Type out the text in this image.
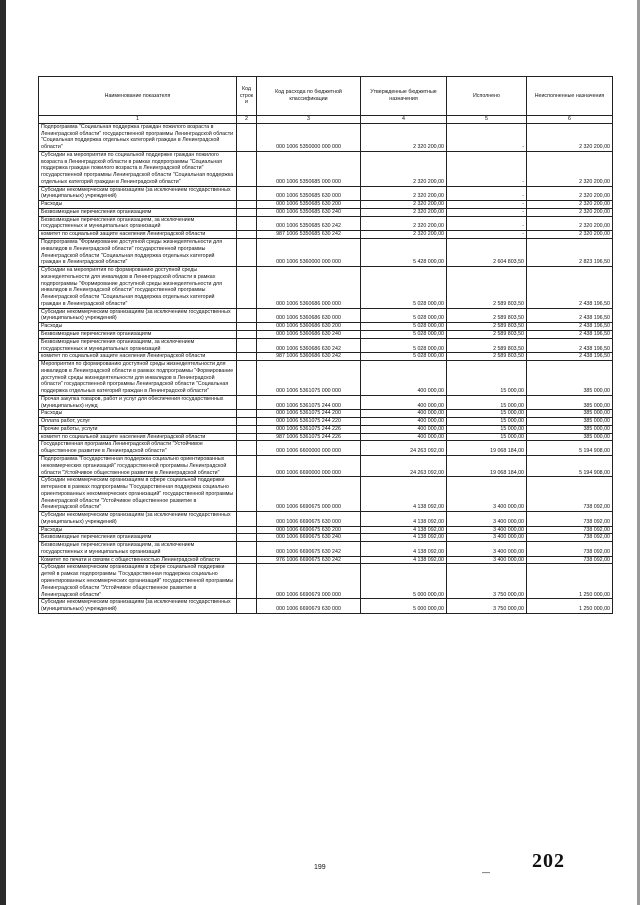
Наименование показателя	Код строк и	Код расхода по бюджетной классификации	Утвержденные бюджетные назначения	Исполнено	Неисполненные назначения
1	2	3	4	5	6
Подпрограмма "Социальная поддержка граждан пожилого возраста в Ленинградской области" государственной программы Ленинградской области "Социальная поддержка отдельных категорий граждан в Ленинградской области"		000 1006 5350000 000 000	2 320 200,00	-	2 320 200,00
Субсидии на мероприятия по социальной поддержке граждан пожилого возраста в Ленинградской области в рамках подпрограммы "Социальная поддержка граждан пожилого возраста в Ленинградской области" государственной программы Ленинградской области "Социальная поддержка отдельных категорий граждан в Ленинградской области"		000 1006 5350685 000 000	2 320 200,00	-	2 320 200,00
Субсидии некоммерческим организациям (за исключением государственных (муниципальных) учреждений)		000 1006 5350685 630 000	2 320 200,00	-	2 320 200,00
Расходы		000 1006 5350685 630 200	2 320 200,00	-	2 320 200,00
Безвозмездные перечисления организациям		000 1006 5350685 630 240	2 320 200,00	-	2 320 200,00
Безвозмездные перечисления организациям, за исключением государственных и муниципальных организаций		000 1006 5350685 630 242	2 320 200,00	-	2 320 200,00
комитет по социальной защите населения Ленинградской области		987 1006 5350685 630 242	2 320 200,00	-	2 320 200,00
Подпрограмма "Формирование доступной среды жизнедеятельности для инвалидов в Ленинградской области" государственной программы Ленинградской области "Социальная поддержка отдельных категорий граждан в Ленинградской области"		000 1006 5360000 000 000	5 428 000,00	2 604 803,50	2 823 196,50
Субсидии на мероприятия по формированию доступной среды жизнедеятельности для инвалидов в Ленинградской области в рамках подпрограммы "Формирование доступной среды жизнедеятельности для инвалидов в Ленинградской области" государственной программы Ленинградской области "Социальная поддержка отдельных категорий граждан в Ленинградской области"		000 1006 5360686 000 000	5 028 000,00	2 589 803,50	2 438 196,50
Субсидии некоммерческим организациям (за исключением государственных (муниципальных) учреждений)		000 1006 5360686 630 000	5 028 000,00	2 589 803,50	2 438 196,50
Расходы		000 1006 5360686 630 200	5 028 000,00	2 589 803,50	2 438 196,50
Безвозмездные перечисления организациям		000 1006 5360686 630 240	5 028 000,00	2 589 803,50	2 438 196,50
Безвозмездные перечисления организациям, за исключением государственных и муниципальных организаций		000 1006 5360686 630 242	5 028 000,00	2 589 803,50	2 438 196,50
комитет по социальной защите населения Ленинградской области		987 1006 5360686 630 242	5 028 000,00	2 589 803,50	2 438 196,50
Мероприятия по формированию доступной среды жизнедеятельности для инвалидов в Ленинградской области в рамках подпрограммы "Формирование доступной среды жизнедеятельности для инвалидов в Ленинградской области" государственной программы Ленинградской области "Социальная поддержка отдельных категорий граждан в Ленинградской области"		000 1006 5361075 000 000	400 000,00	15 000,00	385 000,00
Прочая закупка товаров, работ и услуг для обеспечения государственных (муниципальных) нужд		000 1006 5361075 244 000	400 000,00	15 000,00	385 000,00
Расходы		000 1006 5361075 244 200	400 000,00	15 000,00	385 000,00
Оплата работ, услуг		000 1006 5361075 244 220	400 000,00	15 000,00	385 000,00
Прочие работы, услуги		000 1006 5361075 244 226	400 000,00	15 000,00	385 000,00
комитет по социальной защите населения Ленинградской области		987 1006 5361075 244 226	400 000,00	15 000,00	385 000,00
Государственная программа Ленинградской области "Устойчивое общественное развитие в Ленинградской области"		000 1006 6600000 000 000	24 263 092,00	19 068 184,00	5 194 908,00
Подпрограмма "Государственная поддержка социально ориентированных некоммерческих организаций" государственной программы Ленинградской области "Устойчивое общественное развитие в Ленинградской области"		000 1006 6690000 000 000	24 263 092,00	19 068 184,00	5 194 908,00
Субсидии некоммерческим организациям в сфере социальной поддержки ветеранов в рамках подпрограммы "Государственная поддержка социально ориентированных некоммерческих организаций" государственной программы Ленинградской области "Устойчивое общественное развитие в Ленинградской области"		000 1006 6690675 000 000	4 138 092,00	3 400 000,00	738 092,00
Субсидии некоммерческим организациям (за исключением государственных (муниципальных) учреждений)		000 1006 6690675 630 000	4 138 092,00	3 400 000,00	738 092,00
Расходы		000 1006 6690675 630 200	4 138 092,00	3 400 000,00	738 092,00
Безвозмездные перечисления организациям		000 1006 6690675 630 240	4 138 092,00	3 400 000,00	738 092,00
Безвозмездные перечисления организациям, за исключением государственных и муниципальных организаций		000 1006 6690675 630 242	4 138 092,00	3 400 000,00	738 092,00
Комитет по печати и связям с общественностью Ленинградской области		976 1006 6690675 630 242	4 138 092,00	3 400 000,00	738 092,00
Субсидии некоммерческим организациям в сфере социальной поддержки детей в рамках подпрограммы "Государственная поддержка социально ориентированных некоммерческих организаций" государственной программы Ленинградской области "Устойчивое общественное развитие в Ленинградской области"		000 1006 6690679 000 000	5 000 000,00	3 750 000,00	1 250 000,00
Субсидии некоммерческим организациям (за исключением государственных (муниципальных) учреждений)		000 1006 6690679 630 000	5 000 000,00	3 750 000,00	1 250 000,00
199
—
202
